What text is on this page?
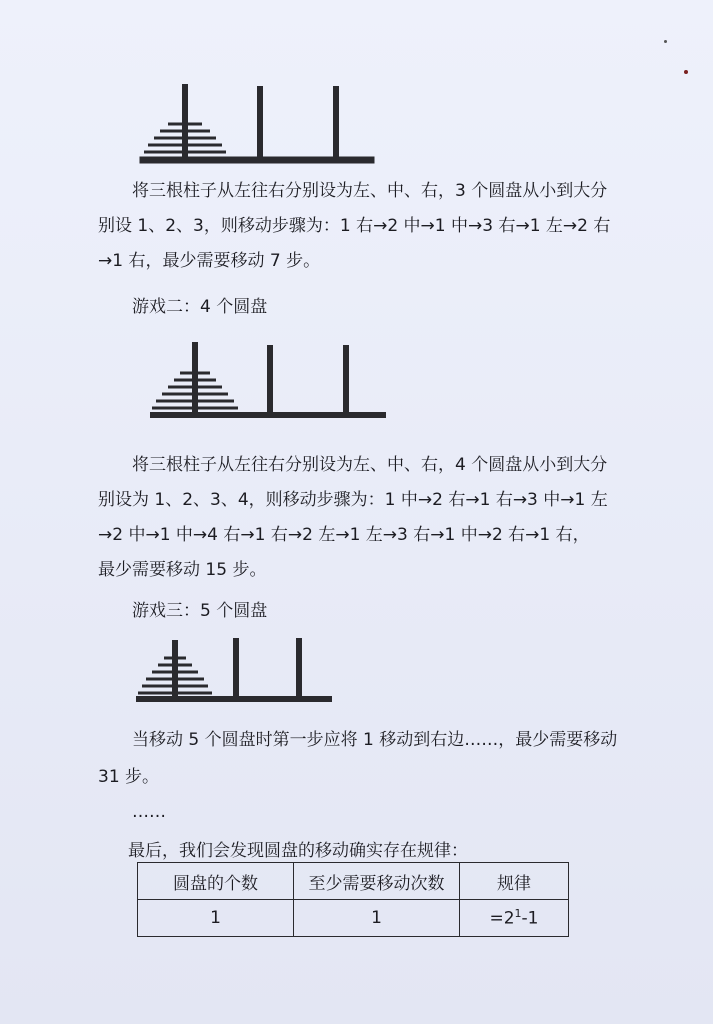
将三根柱子从左往右分别设为左、中、右，3 个圆盘从小到大分
别设 1、2、3，则移动步骤为：1 右→2 中→1 中→3 右→1 左→2 右
→1 右，最少需要移动 7 步。

游戏二：4 个圆盘

将三根柱子从左往右分别设为左、中、右，4 个圆盘从小到大分
别设为 1、2、3、4，则移动步骤为：1 中→2 右→1 右→3 中→1 左
→2 中→1 中→4 右→1 右→2 左→1 左→3 右→1 中→2 右→1 右，
最少需要移动 15 步。

游戏三：5 个圆盘

当移动 5 个圆盘时第一步应将 1 移动到右边……，最少需要移动
31 步。

……

最后，我们会发现圆盘的移动确实存在规律：

圆盘的个数	至少需要移动次数	规律
1	1	$=2^1-1$
